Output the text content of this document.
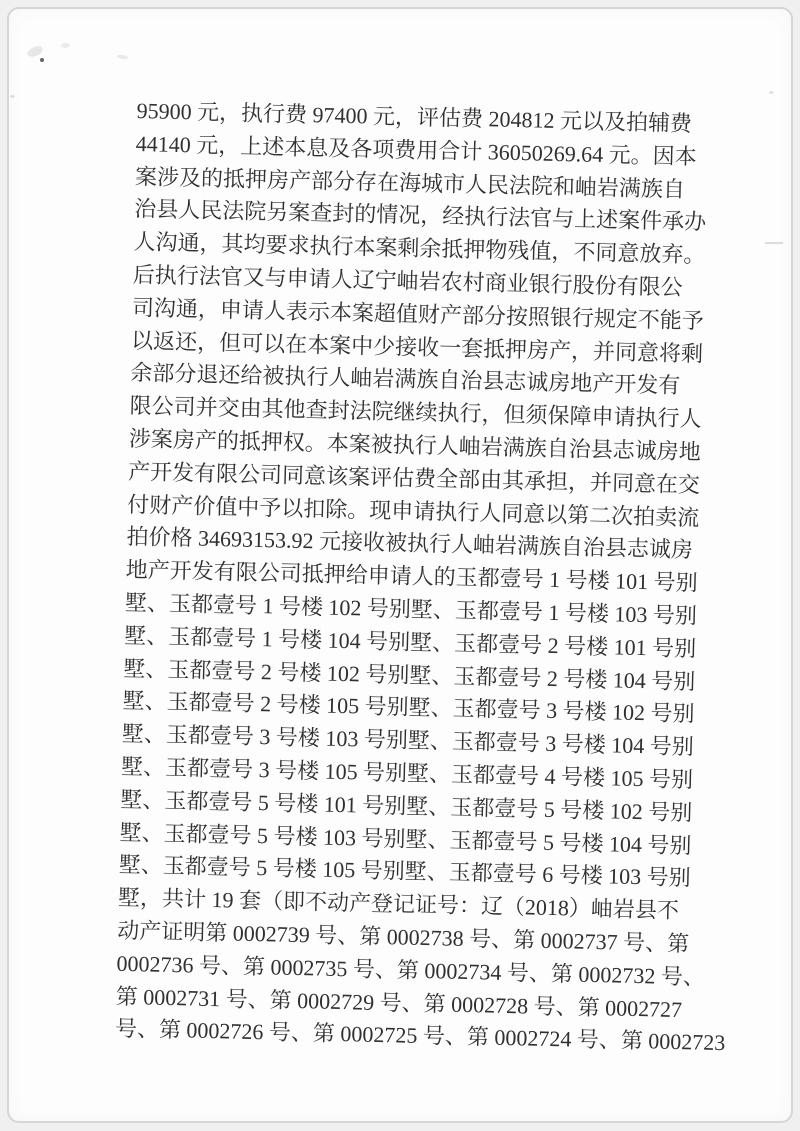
95900 元，执行费 97400 元，评估费 204812 元以及拍辅费
44140 元，上述本息及各项费用合计 36050269.64 元。因本
案涉及的抵押房产部分存在海城市人民法院和岫岩满族自
治县人民法院另案查封的情况，经执行法官与上述案件承办
人沟通，其均要求执行本案剩余抵押物残值，不同意放弃。
后执行法官又与申请人辽宁岫岩农村商业银行股份有限公
司沟通，申请人表示本案超值财产部分按照银行规定不能予
以返还，但可以在本案中少接收一套抵押房产，并同意将剩
余部分退还给被执行人岫岩满族自治县志诚房地产开发有
限公司并交由其他查封法院继续执行，但须保障申请执行人
涉案房产的抵押权。本案被执行人岫岩满族自治县志诚房地
产开发有限公司同意该案评估费全部由其承担，并同意在交
付财产价值中予以扣除。现申请执行人同意以第二次拍卖流
拍价格 34693153.92 元接收被执行人岫岩满族自治县志诚房
地产开发有限公司抵押给申请人的玉都壹号 1 号楼 101 号别
墅、玉都壹号 1 号楼 102 号别墅、玉都壹号 1 号楼 103 号别
墅、玉都壹号 1 号楼 104 号别墅、玉都壹号 2 号楼 101 号别
墅、玉都壹号 2 号楼 102 号别墅、玉都壹号 2 号楼 104 号别
墅、玉都壹号 2 号楼 105 号别墅、玉都壹号 3 号楼 102 号别
墅、玉都壹号 3 号楼 103 号别墅、玉都壹号 3 号楼 104 号别
墅、玉都壹号 3 号楼 105 号别墅、玉都壹号 4 号楼 105 号别
墅、玉都壹号 5 号楼 101 号别墅、玉都壹号 5 号楼 102 号别
墅、玉都壹号 5 号楼 103 号别墅、玉都壹号 5 号楼 104 号别
墅、玉都壹号 5 号楼 105 号别墅、玉都壹号 6 号楼 103 号别
墅，共计 19 套（即不动产登记证号：辽（2018）岫岩县不
动产证明第 0002739 号、第 0002738 号、第 0002737 号、第
0002736 号、第 0002735 号、第 0002734 号、第 0002732 号、
第 0002731 号、第 0002729 号、第 0002728 号、第 0002727
号、第 0002726 号、第 0002725 号、第 0002724 号、第 0002723
